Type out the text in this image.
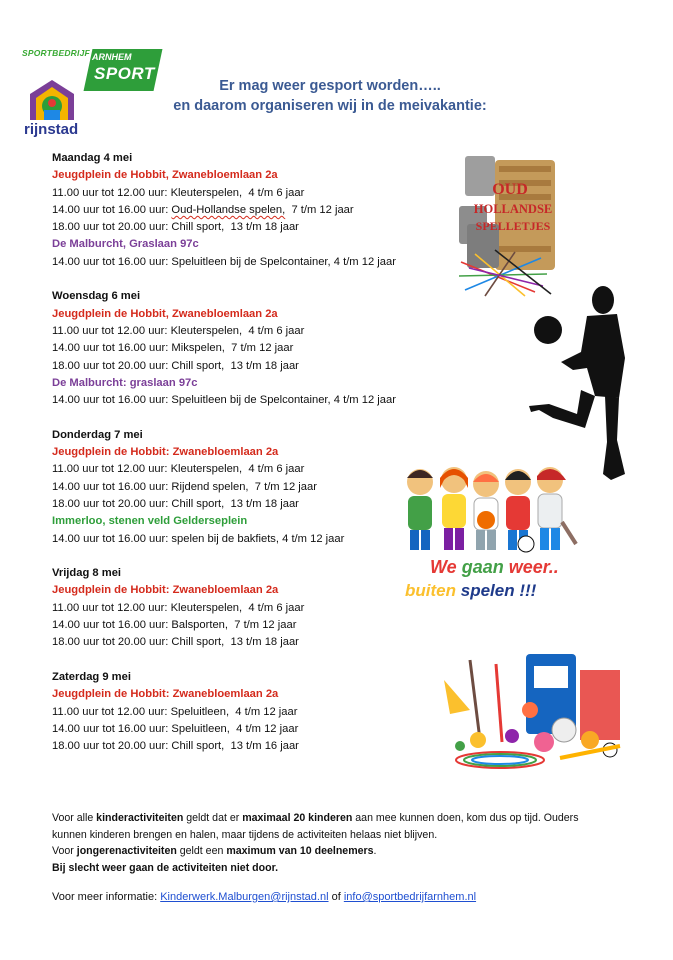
SPORTBEDRIJF ARNHEM
SPORT
rijnstad
Er mag weer gesport worden…..
en daarom organiseren wij in de meivakantie:
Maandag 4 mei
Jeugdplein de Hobbit, Zwanebloemlaan 2a
11.00 uur tot 12.00 uur: Kleuterspelen, 4 t/m 6 jaar
14.00 uur tot 16.00 uur: Oud-Hollandse spelen, 7 t/m 12 jaar
18.00 uur tot 20.00 uur: Chill sport, 13 t/m 18 jaar
De Malburcht, Graslaan 97c
14.00 uur tot 16.00 uur: Speluitleen bij de Spelcontainer, 4 t/m 12 jaar
Woensdag 6 mei
Jeugdplein de Hobbit, Zwanebloemlaan 2a
11.00 uur tot 12.00 uur: Kleuterspelen, 4 t/m 6 jaar
14.00 uur tot 16.00 uur: Mikspelen, 7 t/m 12 jaar
18.00 uur tot 20.00 uur: Chill sport, 13 t/m 18 jaar
De Malburcht: graslaan 97c
14.00 uur tot 16.00 uur: Speluitleen bij de Spelcontainer, 4 t/m 12 jaar
Donderdag 7 mei
Jeugdplein de Hobbit: Zwanebloemlaan 2a
11.00 uur tot 12.00 uur: Kleuterspelen, 4 t/m 6 jaar
14.00 uur tot 16.00 uur: Rijdend spelen, 7 t/m 12 jaar
18.00 uur tot 20.00 uur: Chill sport, 13 t/m 18 jaar
Immerloo, stenen veld Gelderseplein
14.00 uur tot 16.00 uur: spelen bij de bakfiets, 4 t/m 12 jaar
Vrijdag 8 mei
Jeugdplein de Hobbit: Zwanebloemlaan 2a
11.00 uur tot 12.00 uur: Kleuterspelen, 4 t/m 6 jaar
14.00 uur tot 16.00 uur: Balsporten, 7 t/m 12 jaar
18.00 uur tot 20.00 uur: Chill sport, 13 t/m 18 jaar
Zaterdag 9 mei
Jeugdplein de Hobbit: Zwanebloemlaan 2a
11.00 uur tot 12.00 uur: Speluitleen, 4 t/m 12 jaar
14.00 uur tot 16.00 uur: Speluitleen, 4 t/m 12 jaar
18.00 uur tot 20.00 uur: Chill sport, 13 t/m 16 jaar
Voor alle kinderactiviteiten geldt dat er maximaal 20 kinderen aan mee kunnen doen, kom dus op tijd. Ouders
kunnen kinderen brengen en halen, maar tijdens de activiteiten helaas niet blijven.
Voor jongerenactiviteiten geldt een maximum van 10 deelnemers.
Bij slecht weer gaan de activiteiten niet door.
Voor meer informatie: Kinderwerk.Malburgen@rijnstad.nl of info@sportbedrijfarnhem.nl
OUD
HOLLANDSE
SPELLETJES
We gaan weer..
buiten spelen !!!
